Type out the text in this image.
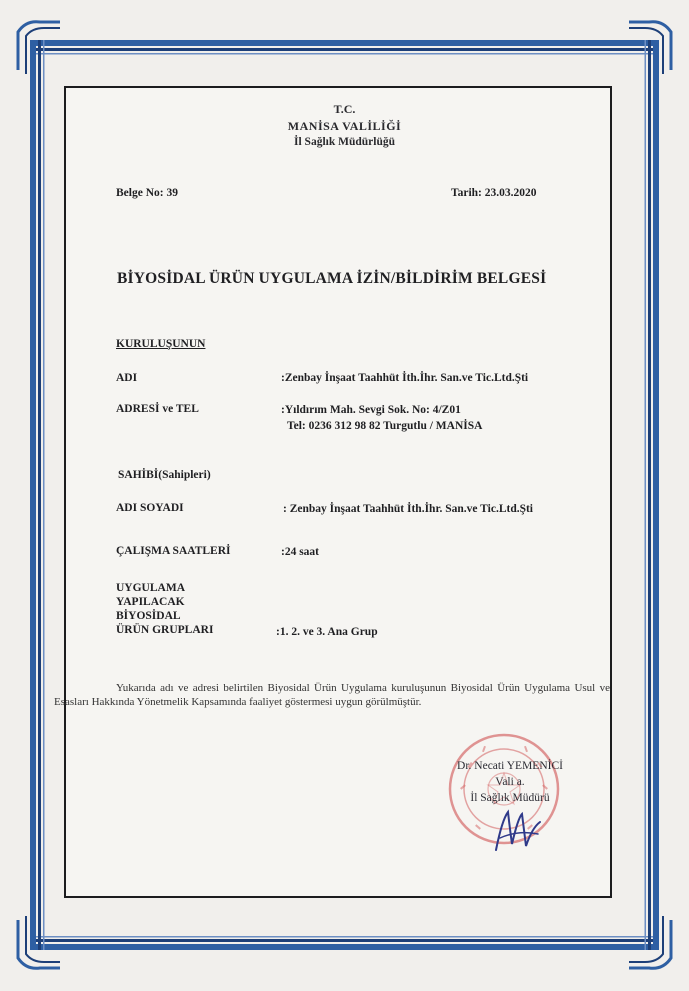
T.C.
MANİSA VALİLİĞİ
İl Sağlık Müdürlüğü
Belge No: 39	Tarih: 23.03.2020
BİYOSİDAL ÜRÜN UYGULAMA İZİN/BİLDİRİM BELGESİ
KURULUŞUNUN
ADI	:Zenbay İnşaat Taahhüt İth.İhr. San.ve Tic.Ltd.Şti
ADRESİ ve TEL	:Yıldırım Mah. Sevgi Sok. No: 4/Z01
Tel: 0236 312 98 82 Turgutlu / MANİSA
SAHİBİ(Sahipleri)
ADI SOYADI	: Zenbay İnşaat Taahhüt İth.İhr. San.ve Tic.Ltd.Şti
ÇALIŞMA SAATLERİ	:24 saat
UYGULAMA
YAPILACAK
BİYOSİDAL
ÜRÜN GRUPLARI	:1. 2. ve 3. Ana Grup
Yukarıda adı ve adresi belirtilen Biyosidal Ürün Uygulama kuruluşunun Biyosidal Ürün Uygulama Usul ve Esasları Hakkında Yönetmelik Kapsamında faaliyet göstermesi uygun görülmüştür.
Dr. Necati YEMENİCİ
Vali a.
İl Sağlık Müdürü
